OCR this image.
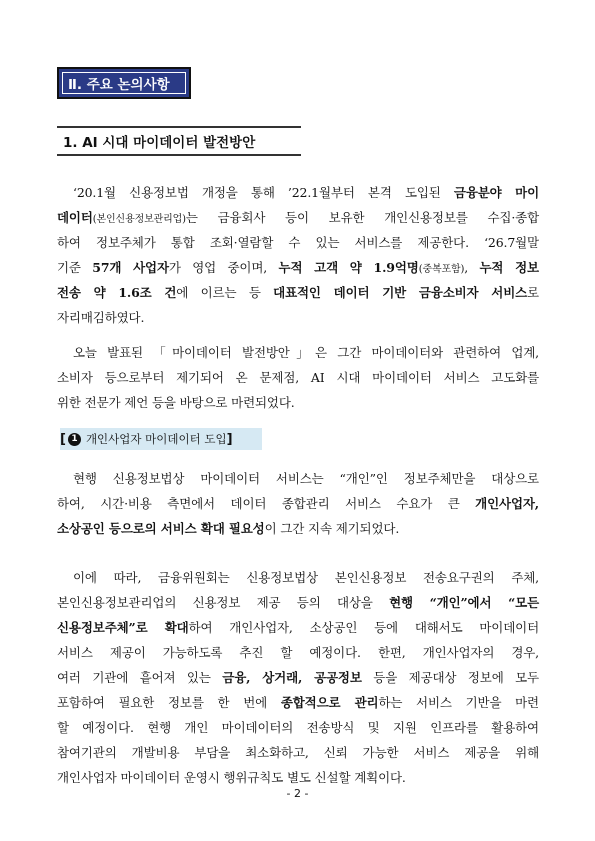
Ⅱ. 주요 논의사항
1. AI 시대 마이데이터 발전방안
‘20.1월 신용정보법 개정을 통해 ’22.1월부터 본격 도입된 금융분야 마이
데이터(본인신용정보관리업)는 금융회사 등이 보유한 개인신용정보를 수집·종합
하여 정보주체가 통합 조회·열람할 수 있는 서비스를 제공한다. ‘26.7월말
기준 57개 사업자가 영업 중이며, 누적 고객 약 1.9억명(중복포함), 누적 정보
전송 약 1.6조 건에 이르는 등 대표적인 데이터 기반 금융소비자 서비스로
자리매김하였다.
오늘 발표된 「마이데이터 발전방안」은 그간 마이데이터와 관련하여 업계,
소비자 등으로부터 제기되어 온 문제점, AI 시대 마이데이터 서비스 고도화를
위한 전문가 제언 등을 바탕으로 마련되었다.
[ 1 개인사업자 마이데이터 도입 ]
현행 신용정보법상 마이데이터 서비스는 “개인”인 정보주체만을 대상으로
하여, 시간·비용 측면에서 데이터 종합관리 서비스 수요가 큰 개인사업자,
소상공인 등으로의 서비스 확대 필요성이 그간 지속 제기되었다.
이에 따라, 금융위원회는 신용정보법상 본인신용정보 전송요구권의 주체,
본인신용정보관리업의 신용정보 제공 등의 대상을 현행 “개인”에서 “모든
신용정보주체”로 확대하여 개인사업자, 소상공인 등에 대해서도 마이데이터
서비스 제공이 가능하도록 추진 할 예정이다. 한편, 개인사업자의 경우,
여러 기관에 흩어져 있는 금융, 상거래, 공공정보 등을 제공대상 정보에 모두
포함하여 필요한 정보를 한 번에 종합적으로 관리하는 서비스 기반을 마련
할 예정이다. 현행 개인 마이데이터의 전송방식 및 지원 인프라를 활용하여
참여기관의 개발비용 부담을 최소화하고, 신뢰 가능한 서비스 제공을 위해
개인사업자 마이데이터 운영시 행위규칙도 별도 신설할 계획이다.
- 2 -
